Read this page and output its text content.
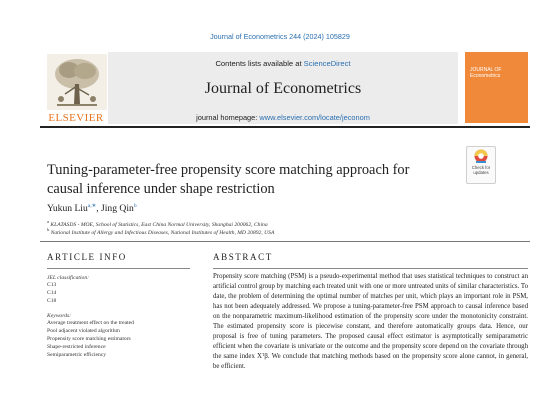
Journal of Econometrics 244 (2024) 105829
Contents lists available at ScienceDirect
Journal of Econometrics
journal homepage: www.elsevier.com/locate/jeconom
ELSEVIER
JOURNAL OF Econometrics
Tuning-parameter-free propensity score matching approach for
causal inference under shape restriction
Check for updates
Yukun Liu$^{a,∗}$, Jing Qin$^b$
$^a$ KLATASDS - MOE, School of Statistics, East China Normal University, Shanghai 200062, China
$^b$ National Institute of Allergy and Infectious Diseases, National Institutes of Health, MD 20892, USA
ARTICLE INFO
JEL classification:
C13
C14
C18
Keywords:
Average treatment effect on the treated
Pool adjacent violated algorithm
Propensity score matching estimators
Shape-restricted inference
Semiparametric efficiency
ABSTRACT
Propensity score matching (PSM) is a pseudo-experimental method that uses statistical techniques to construct an artificial control group by matching each treated unit with one or more untreated units of similar characteristics. To date, the problem of determining the optimal number of matches per unit, which plays an important role in PSM, has not been adequately addressed. We propose a tuning-parameter-free PSM approach to causal inference based on the nonparametric maximum-likelihood estimation of the propensity score under the monotonicity constraint. The estimated propensity score is piecewise constant, and therefore automatically groups data. Hence, our proposal is free of tuning parameters. The proposed causal effect estimator is asymptotically semiparametric efficient when the covariate is univariate or the outcome and the propensity score depend on the covariate through the same index Xᵀβ. We conclude that matching methods based on the propensity score alone cannot, in general, be efficient.
